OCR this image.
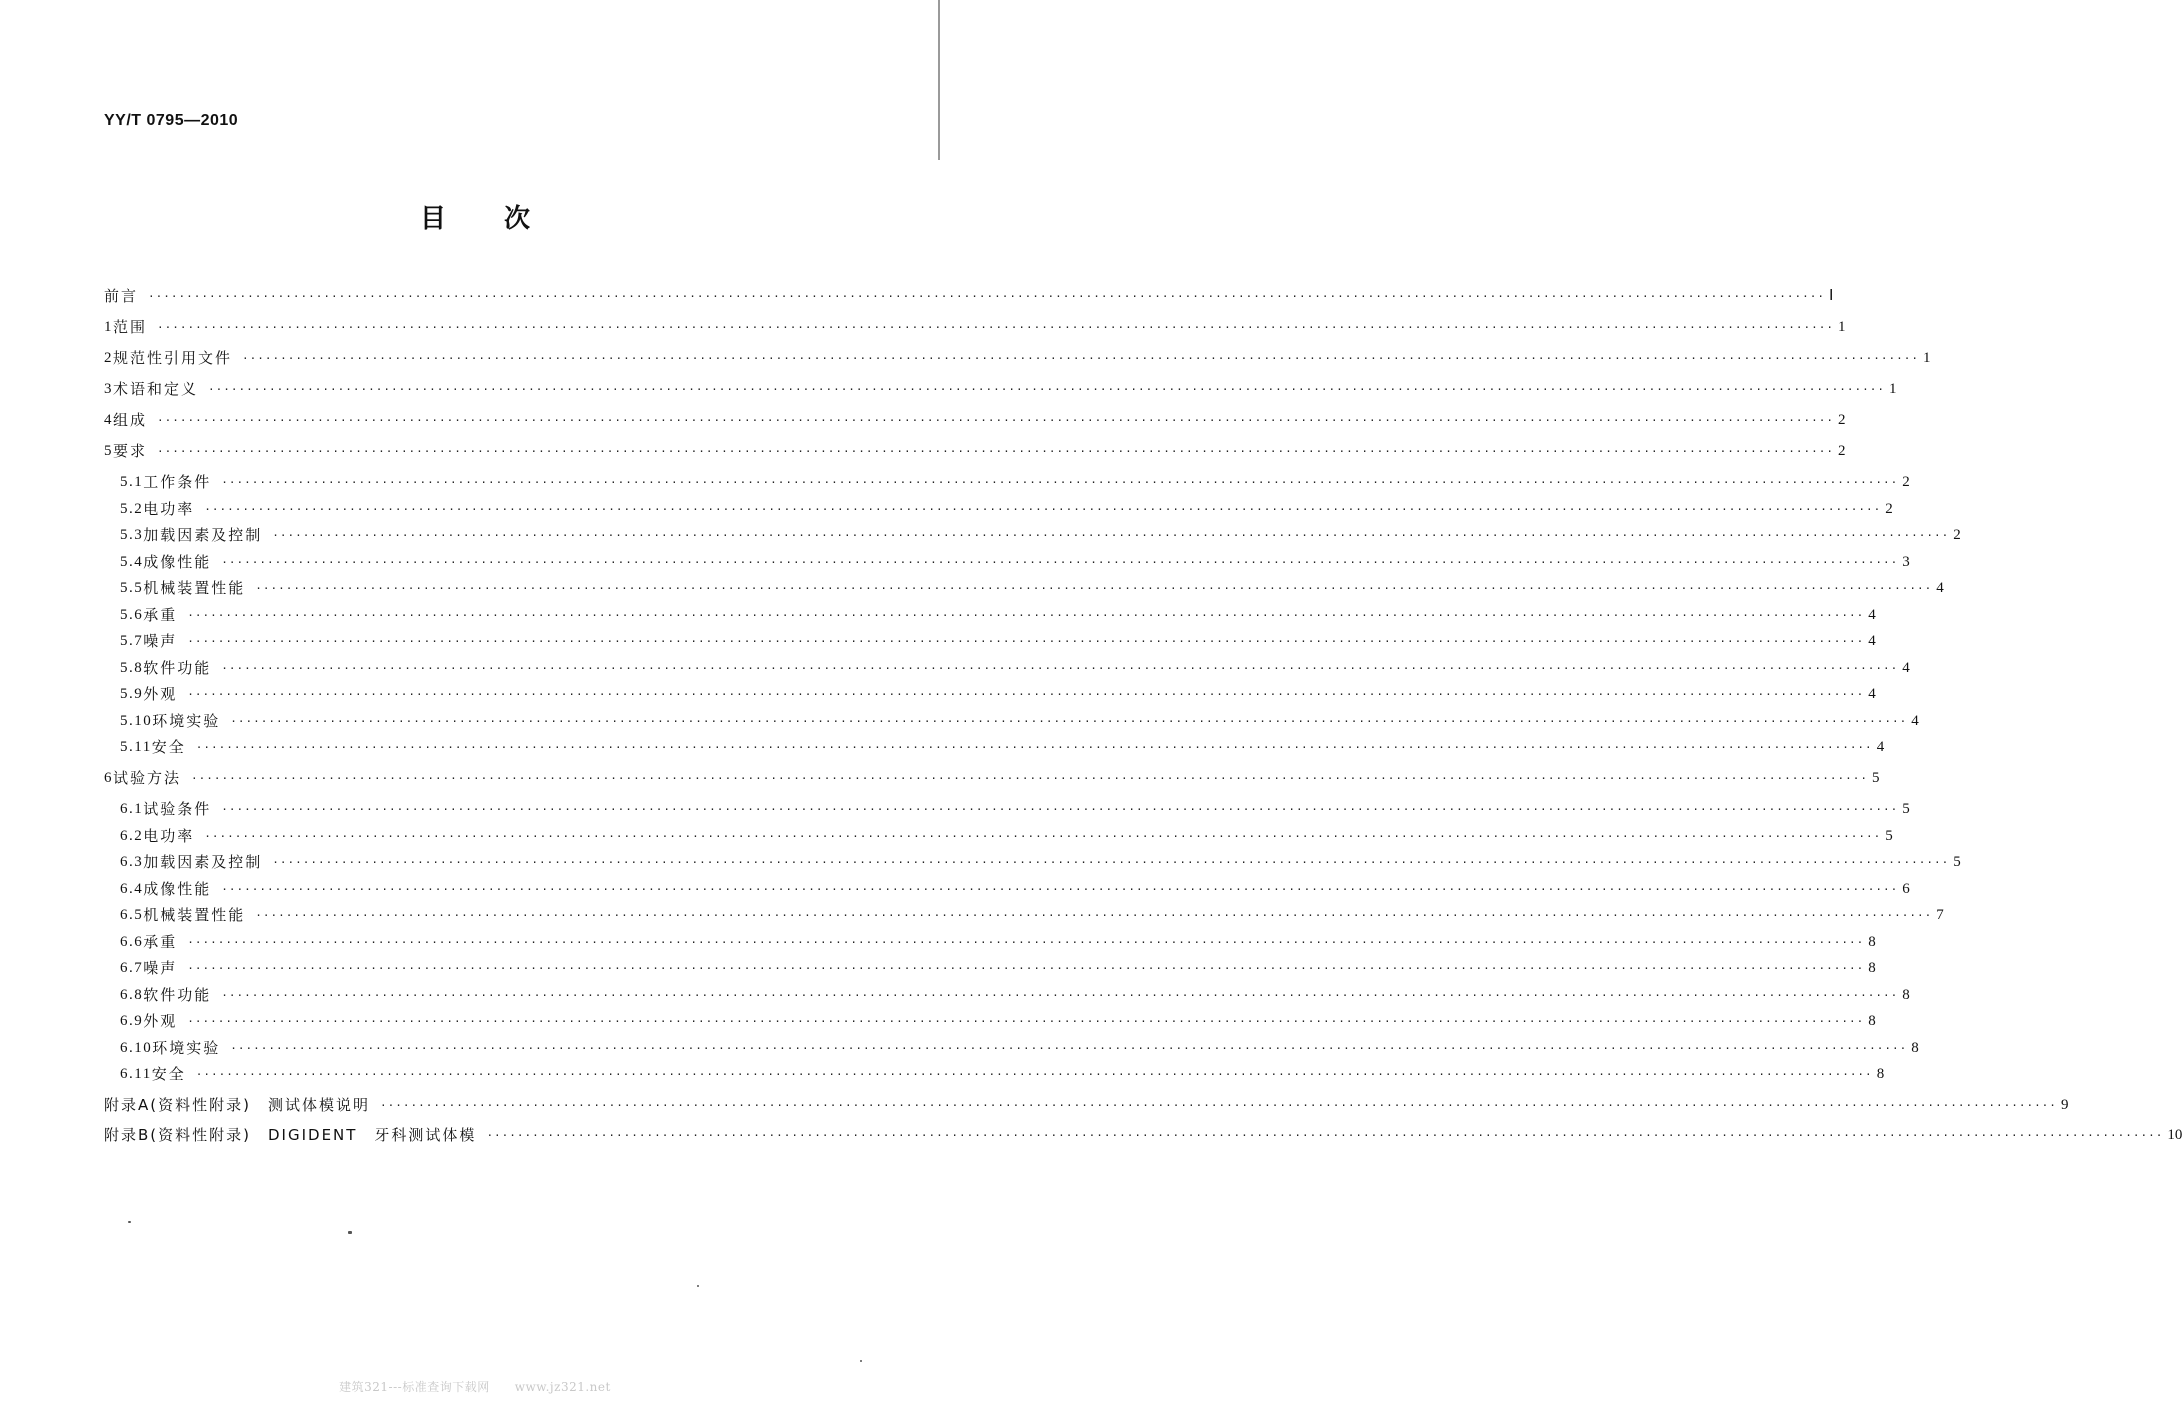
YY/T 0795—2010
目 次
前言 ···························································································································································································································· Ⅰ
1 范围 ···························································································································································································································· 1
2 规范性引用文件 ···························································································································································································································· 1
3 术语和定义 ···························································································································································································································· 1
4 组成 ···························································································································································································································· 2
5 要求 ···························································································································································································································· 2
5.1 工作条件 ···························································································································································································································· 2
5.2 电功率 ···························································································································································································································· 2
5.3 加载因素及控制 ···························································································································································································································· 2
5.4 成像性能 ···························································································································································································································· 3
5.5 机械装置性能 ···························································································································································································································· 4
5.6 承重 ···························································································································································································································· 4
5.7 噪声 ···························································································································································································································· 4
5.8 软件功能 ···························································································································································································································· 4
5.9 外观 ···························································································································································································································· 4
5.10 环境实验 ···························································································································································································································· 4
5.11 安全 ···························································································································································································································· 4
6 试验方法 ···························································································································································································································· 5
6.1 试验条件 ···························································································································································································································· 5
6.2 电功率 ···························································································································································································································· 5
6.3 加载因素及控制 ···························································································································································································································· 5
6.4 成像性能 ···························································································································································································································· 6
6.5 机械装置性能 ···························································································································································································································· 7
6.6 承重 ···························································································································································································································· 8
6.7 噪声 ···························································································································································································································· 8
6.8 软件功能 ···························································································································································································································· 8
6.9 外观 ···························································································································································································································· 8
6.10 环境实验 ···························································································································································································································· 8
6.11 安全 ···························································································································································································································· 8
附录A(资料性附录)　测试体模说明 ···························································································································································································································· 9
附录B(资料性附录)　DIGIDENT　牙科测试体模 ···························································································································································································································· 10
建筑321---标准查询下载网　　www.jz321.net
